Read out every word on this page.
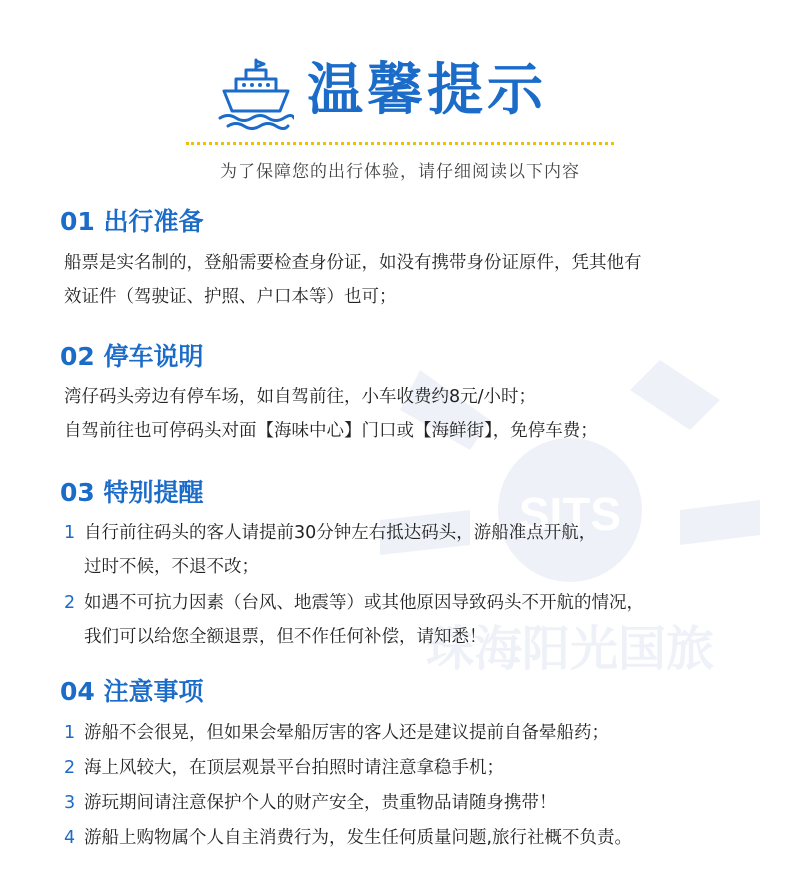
SITS
珠海阳光国旅
温馨提示
为了保障您的出行体验，请仔细阅读以下内容
01 出行准备
船票是实名制的，登船需要检查身份证，如没有携带身份证原件，凭其他有
效证件（驾驶证、护照、户口本等）也可；
02 停车说明
湾仔码头旁边有停车场，如自驾前往，小车收费约8元/小时；
自驾前往也可停码头对面【海味中心】门口或【海鲜街】，免停车费；
03 特别提醒
1 自行前往码头的客人请提前30分钟左右抵达码头，游船准点开航，
过时不候，不退不改；
2 如遇不可抗力因素（台风、地震等）或其他原因导致码头不开航的情况，
我们可以给您全额退票，但不作任何补偿，请知悉！
04 注意事项
1 游船不会很晃，但如果会晕船厉害的客人还是建议提前自备晕船药；
2 海上风较大，在顶层观景平台拍照时请注意拿稳手机；
3 游玩期间请注意保护个人的财产安全，贵重物品请随身携带！
4 游船上购物属个人自主消费行为，发生任何质量问题,旅行社概不负责。
